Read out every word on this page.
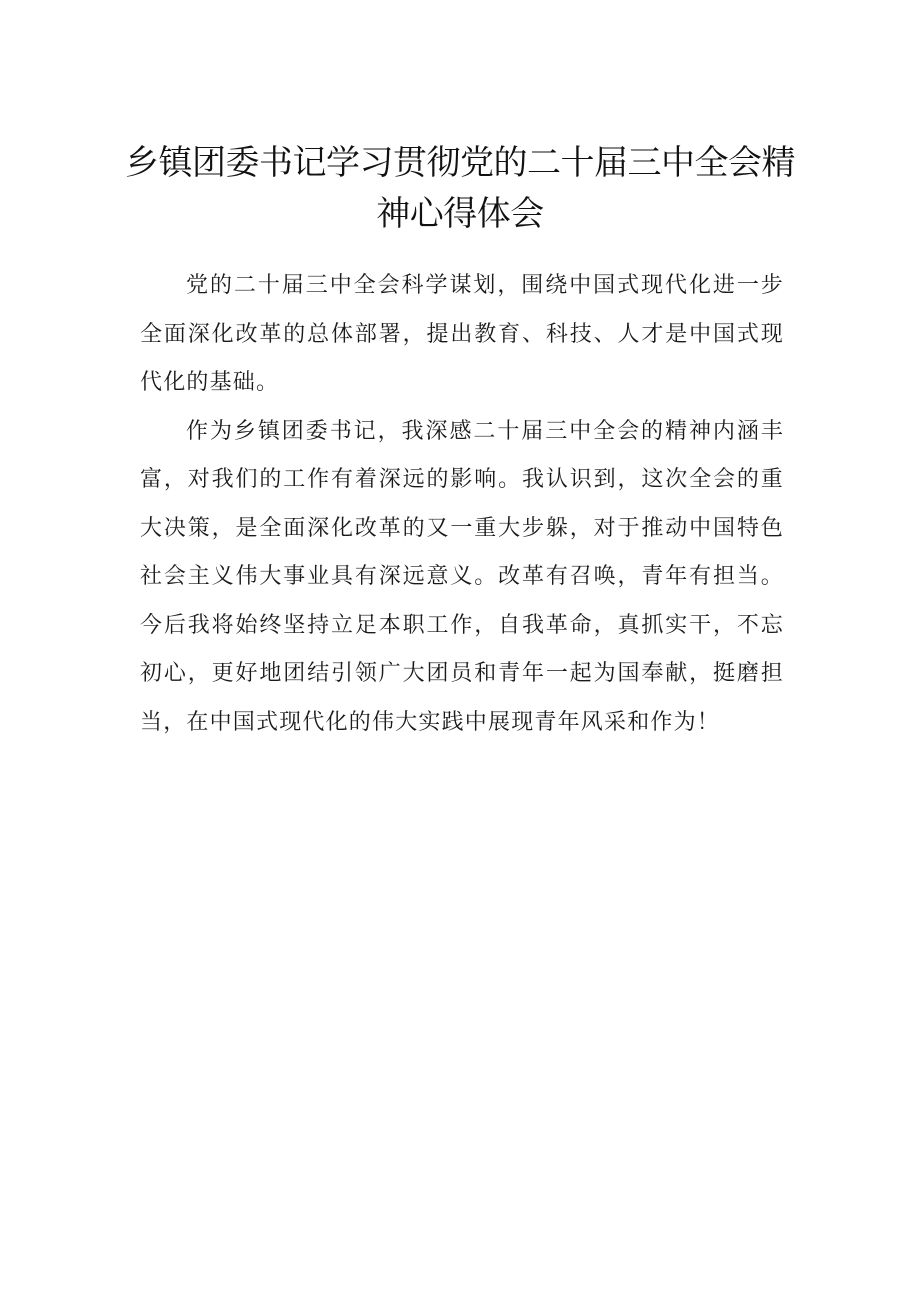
乡镇团委书记学习贯彻党的二十届三中全会精神心得体会

党的二十届三中全会科学谋划，围绕中国式现代化进一步全面深化改革的总体部署，提出教育、科技、人才是中国式现代化的基础。

作为乡镇团委书记，我深感二十届三中全会的精神内涵丰富，对我们的工作有着深远的影响。我认识到，这次全会的重大决策，是全面深化改革的又一重大步躲，对于推动中国特色社会主义伟大事业具有深远意义。改革有召唤，青年有担当。今后我将始终坚持立足本职工作，自我革命，真抓实干，不忘初心，更好地团结引领广大团员和青年一起为国奉献，挺磨担当，在中国式现代化的伟大实践中展现青年风采和作为！
